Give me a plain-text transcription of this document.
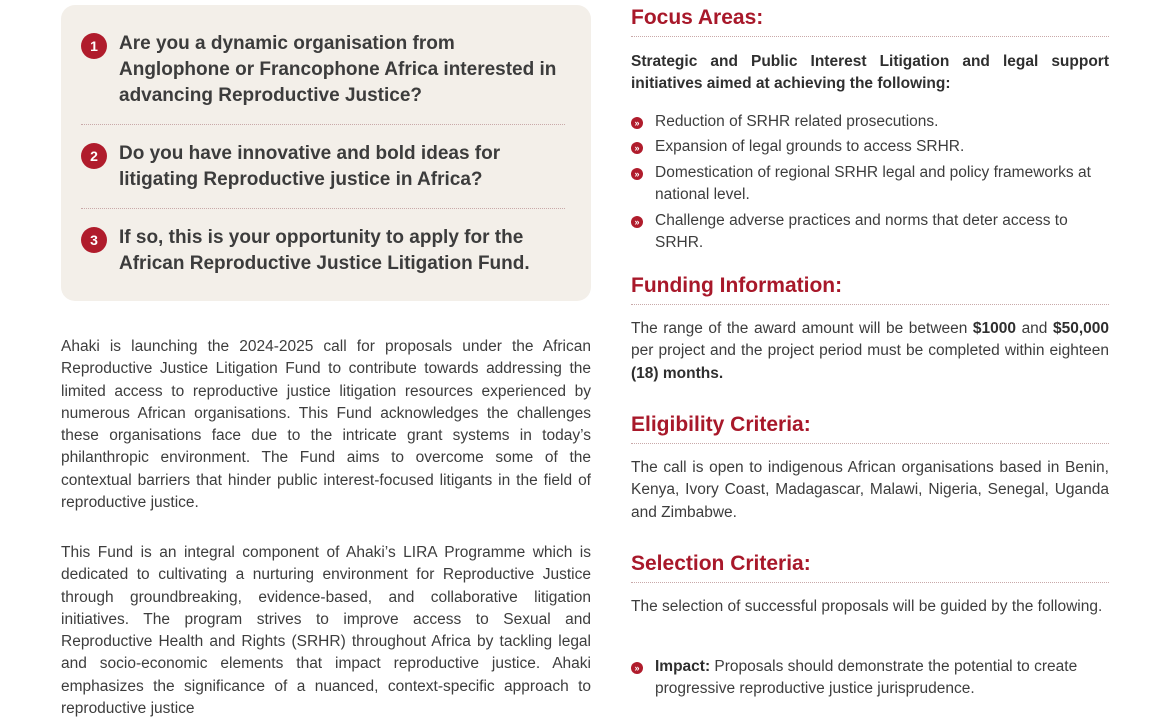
1	Are you a dynamic organisation from Anglophone or Francophone Africa interested in advancing Reproductive Justice?
2	Do you have innovative and bold ideas for litigating Reproductive justice in Africa?
3	If so, this is your opportunity to apply for the African Reproductive Justice Litigation Fund.
Ahaki is launching the 2024-2025 call for proposals under the African Reproductive Justice Litigation Fund to contribute towards addressing the limited access to reproductive justice litigation resources experienced by numerous African organisations. This Fund acknowledges the challenges these organisations face due to the intricate grant systems in today’s philanthropic environment. The Fund aims to overcome some of the contextual barriers that hinder public interest-focused litigants in the field of reproductive justice.
This Fund is an integral component of Ahaki’s LIRA Programme which is dedicated to cultivating a nurturing environment for Reproductive Justice through groundbreaking, evidence-based, and collaborative litigation initiatives. The program strives to improve access to Sexual and Reproductive Health and Rights (SRHR) throughout Africa by tackling legal and socio-economic elements that impact reproductive justice. Ahaki emphasizes the significance of a nuanced, context-specific approach to reproductive justice
Focus Areas:
Strategic and Public Interest Litigation and legal support initiatives aimed at achieving the following:
» Reduction of SRHR related prosecutions.
» Expansion of legal grounds to access SRHR.
» Domestication of regional SRHR legal and policy frameworks at national level.
» Challenge adverse practices and norms that deter access to SRHR.
Funding Information:
The range of the award amount will be between $1000 and $50,000 per project and the project period must be completed within eighteen (18) months.
Eligibility Criteria:
The call is open to indigenous African organisations based in Benin, Kenya, Ivory Coast, Madagascar, Malawi, Nigeria, Senegal, Uganda and Zimbabwe.
Selection Criteria:
The selection of successful proposals will be guided by the following.
» Impact: Proposals should demonstrate the potential to create progressive reproductive justice jurisprudence.
